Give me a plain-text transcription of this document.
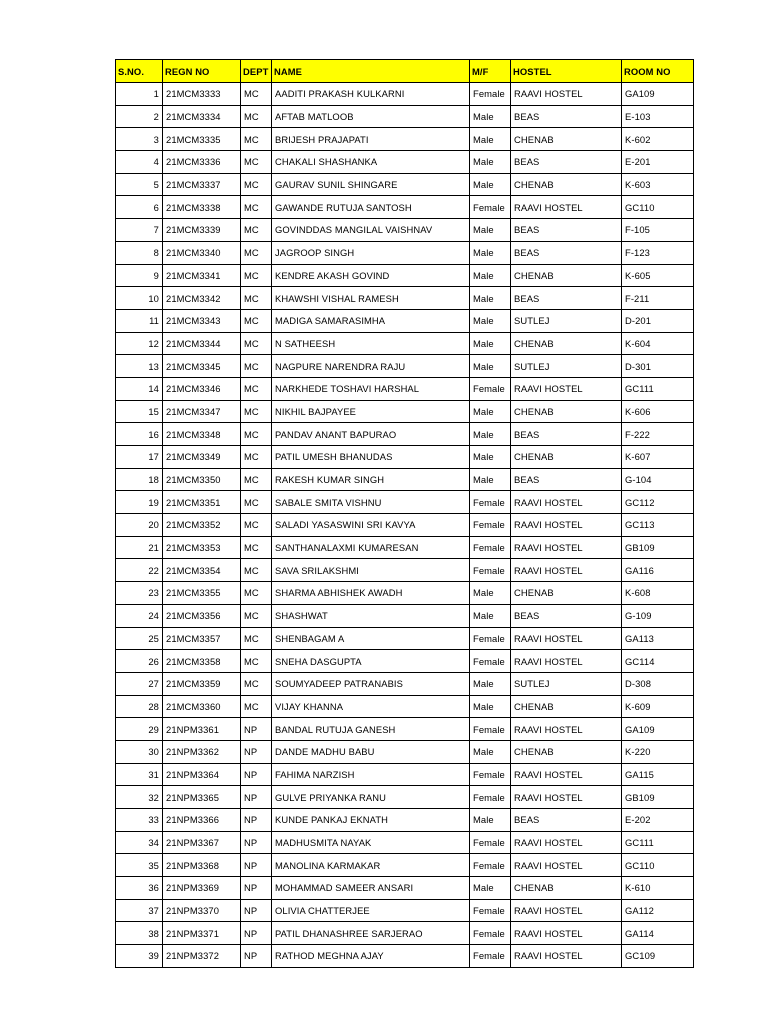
S.NO.	REGN NO	DEPT	NAME	M/F	HOSTEL	ROOM NO
1	21MCM3333	MC	AADITI PRAKASH KULKARNI	Female	RAAVI HOSTEL	GA109
2	21MCM3334	MC	AFTAB MATLOOB	Male	BEAS	E-103
3	21MCM3335	MC	BRIJESH PRAJAPATI	Male	CHENAB	K-602
4	21MCM3336	MC	CHAKALI SHASHANKA	Male	BEAS	E-201
5	21MCM3337	MC	GAURAV SUNIL SHINGARE	Male	CHENAB	K-603
6	21MCM3338	MC	GAWANDE RUTUJA SANTOSH	Female	RAAVI HOSTEL	GC110
7	21MCM3339	MC	GOVINDDAS MANGILAL VAISHNAV	Male	BEAS	F-105
8	21MCM3340	MC	JAGROOP SINGH	Male	BEAS	F-123
9	21MCM3341	MC	KENDRE AKASH GOVIND	Male	CHENAB	K-605
10	21MCM3342	MC	KHAWSHI VISHAL RAMESH	Male	BEAS	F-211
11	21MCM3343	MC	MADIGA SAMARASIMHA	Male	SUTLEJ	D-201
12	21MCM3344	MC	N SATHEESH	Male	CHENAB	K-604
13	21MCM3345	MC	NAGPURE NARENDRA RAJU	Male	SUTLEJ	D-301
14	21MCM3346	MC	NARKHEDE TOSHAVI HARSHAL	Female	RAAVI HOSTEL	GC111
15	21MCM3347	MC	NIKHIL BAJPAYEE	Male	CHENAB	K-606
16	21MCM3348	MC	PANDAV ANANT BAPURAO	Male	BEAS	F-222
17	21MCM3349	MC	PATIL UMESH BHANUDAS	Male	CHENAB	K-607
18	21MCM3350	MC	RAKESH KUMAR SINGH	Male	BEAS	G-104
19	21MCM3351	MC	SABALE SMITA VISHNU	Female	RAAVI HOSTEL	GC112
20	21MCM3352	MC	SALADI YASASWINI SRI KAVYA	Female	RAAVI HOSTEL	GC113
21	21MCM3353	MC	SANTHANALAXMI KUMARESAN	Female	RAAVI HOSTEL	GB109
22	21MCM3354	MC	SAVA SRILAKSHMI	Female	RAAVI HOSTEL	GA116
23	21MCM3355	MC	SHARMA ABHISHEK AWADH	Male	CHENAB	K-608
24	21MCM3356	MC	SHASHWAT	Male	BEAS	G-109
25	21MCM3357	MC	SHENBAGAM A	Female	RAAVI HOSTEL	GA113
26	21MCM3358	MC	SNEHA DASGUPTA	Female	RAAVI HOSTEL	GC114
27	21MCM3359	MC	SOUMYADEEP PATRANABIS	Male	SUTLEJ	D-308
28	21MCM3360	MC	VIJAY KHANNA	Male	CHENAB	K-609
29	21NPM3361	NP	BANDAL RUTUJA GANESH	Female	RAAVI HOSTEL	GA109
30	21NPM3362	NP	DANDE MADHU BABU	Male	CHENAB	K-220
31	21NPM3364	NP	FAHIMA NARZISH	Female	RAAVI HOSTEL	GA115
32	21NPM3365	NP	GULVE PRIYANKA RANU	Female	RAAVI HOSTEL	GB109
33	21NPM3366	NP	KUNDE PANKAJ EKNATH	Male	BEAS	E-202
34	21NPM3367	NP	MADHUSMITA NAYAK	Female	RAAVI HOSTEL	GC111
35	21NPM3368	NP	MANOLINA KARMAKAR	Female	RAAVI HOSTEL	GC110
36	21NPM3369	NP	MOHAMMAD SAMEER ANSARI	Male	CHENAB	K-610
37	21NPM3370	NP	OLIVIA CHATTERJEE	Female	RAAVI HOSTEL	GA112
38	21NPM3371	NP	PATIL DHANASHREE SARJERAO	Female	RAAVI HOSTEL	GA114
39	21NPM3372	NP	RATHOD MEGHNA AJAY	Female	RAAVI HOSTEL	GC109
